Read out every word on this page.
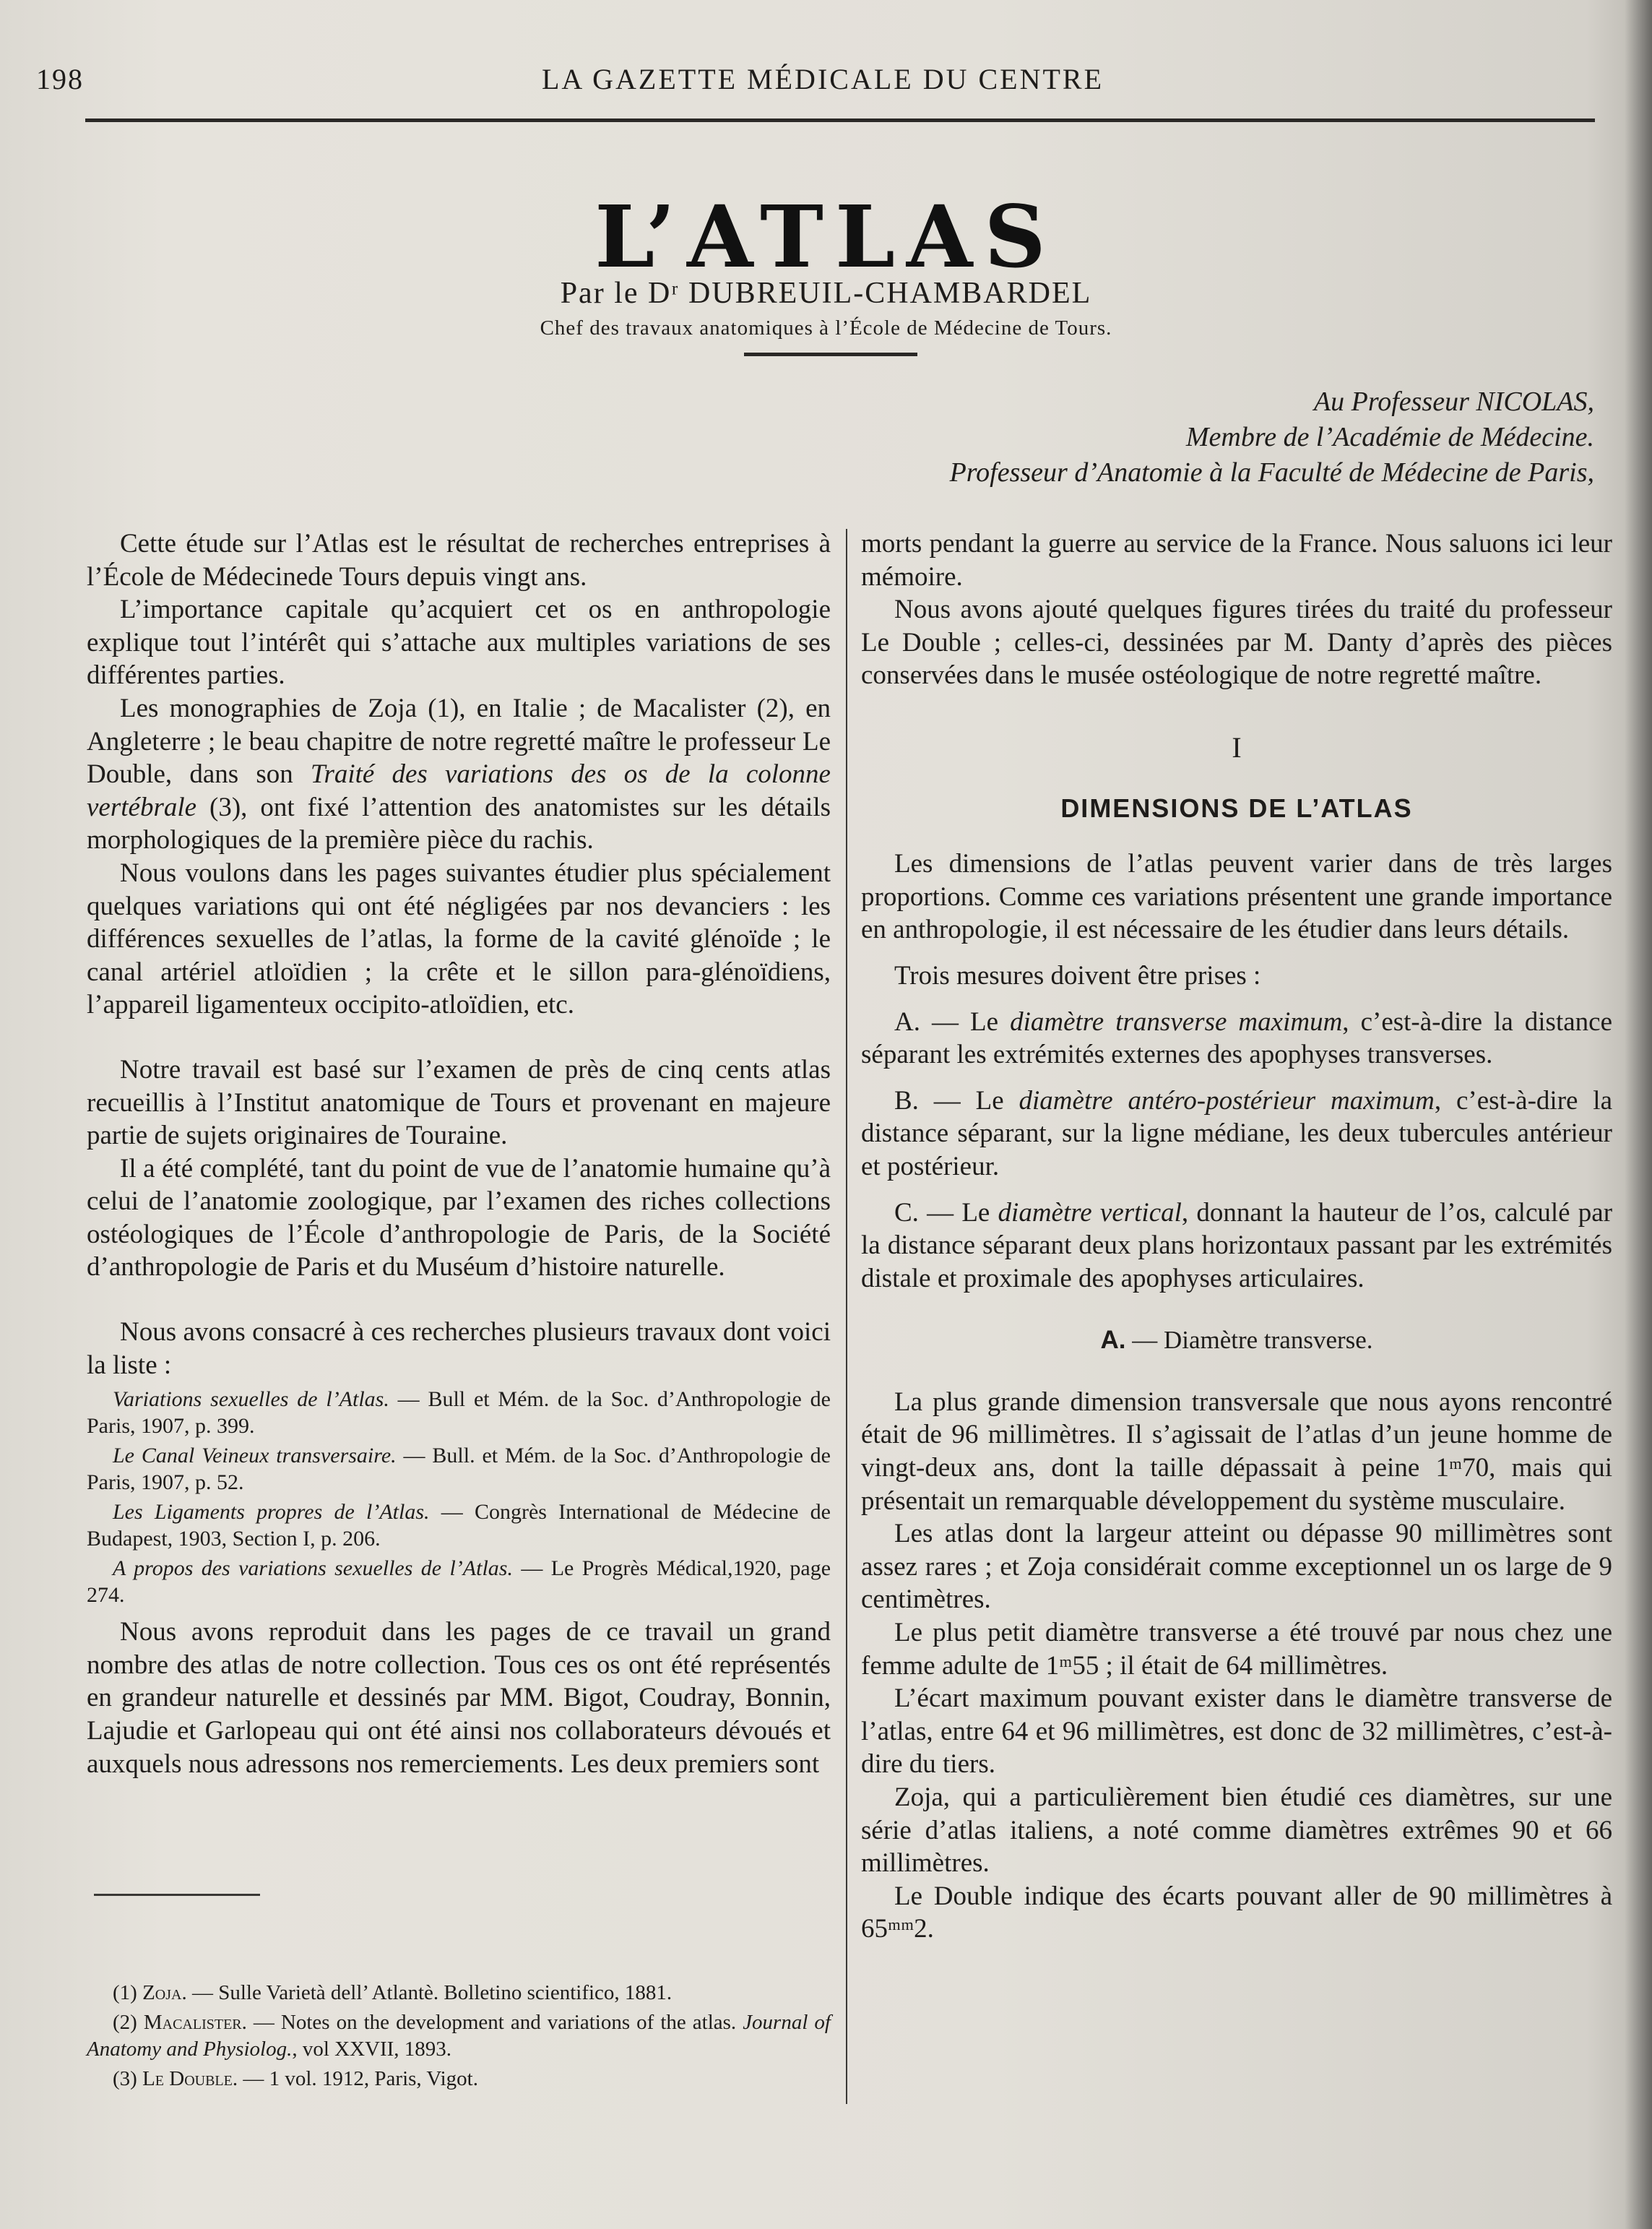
198	LA GAZETTE MÉDICALE DU CENTRE
L’ATLAS
Par le Dʳ DUBREUIL-CHAMBARDEL
Chef des travaux anatomiques à l’École de Médecine de Tours.
Au Professeur NICOLAS,
Membre de l’Académie de Médecine.
Professeur d’Anatomie à la Faculté de Médecine de Paris,

Cette étude sur l’Atlas est le résultat de recherches entreprises à l’École de Médecinede Tours depuis vingt ans.

L’importance capitale qu’acquiert cet os en anthropologie explique tout l’intérêt qui s’attache aux multiples variations de ses différentes parties.

Les monographies de Zoja (1), en Italie ; de Macalister (2), en Angleterre ; le beau chapitre de notre regretté maître le professeur Le Double, dans son Traité des variations des os de la colonne vertébrale (3), ont fixé l’attention des anatomistes sur les détails morphologiques de la première pièce du rachis.

Nous voulons dans les pages suivantes étudier plus spécialement quelques variations qui ont été négligées par nos devanciers : les différences sexuelles de l’atlas, la forme de la cavité glénoïde ; le canal artériel atloïdien ; la crête et le sillon para-glénoïdiens, l’appareil ligamenteux occipito-atloïdien, etc.

Notre travail est basé sur l’examen de près de cinq cents atlas recueillis à l’Institut anatomique de Tours et provenant en majeure partie de sujets originaires de Touraine.

Il a été complété, tant du point de vue de l’anatomie humaine qu’à celui de l’anatomie zoologique, par l’examen des riches collections ostéologiques de l’École d’anthropologie de Paris, de la Société d’anthropologie de Paris et du Muséum d’histoire naturelle.

Nous avons consacré à ces recherches plusieurs travaux dont voici la liste :

Variations sexuelles de l’Atlas. — Bull et Mém. de la Soc. d’Anthropologie de Paris, 1907, p. 399.

Le Canal Veineux transversaire. — Bull. et Mém. de la Soc. d’Anthropologie de Paris, 1907, p. 52.

Les Ligaments propres de l’Atlas. — Congrès International de Médecine de Budapest, 1903, Section I, p. 206.

A propos des variations sexuelles de l’Atlas. — Le Progrès Médical,1920, page 274.

Nous avons reproduit dans les pages de ce travail un grand nombre des atlas de notre collection. Tous ces os ont été représentés en grandeur naturelle et dessinés par MM. Bigot, Coudray, Bonnin, Lajudie et Garlopeau qui ont été ainsi nos collaborateurs dévoués et auxquels nous adressons nos remerciements. Les deux premiers sont

(1) Zoja. — Sulle Varietà dell’ Atlantè. Bolletino scientifico, 1881.

(2) Macalister. — Notes on the development and variations of the atlas. Journal of Anatomy and Physiolog., vol XXVII, 1893.

(3) Le Double. — 1 vol. 1912, Paris, Vigot.

morts pendant la guerre au service de la France. Nous saluons ici leur mémoire.

Nous avons ajouté quelques figures tirées du traité du professeur Le Double ; celles-ci, dessinées par M. Danty d’après des pièces conservées dans le musée ostéologique de notre regretté maître.

I
DIMENSIONS DE L’ATLAS

Les dimensions de l’atlas peuvent varier dans de très larges proportions. Comme ces variations présentent une grande importance en anthropologie, il est nécessaire de les étudier dans leurs détails.

Trois mesures doivent être prises :

A. — Le diamètre transverse maximum, c’est-à-dire la distance séparant les extrémités externes des apophyses transverses.

B. — Le diamètre antéro-postérieur maximum, c’est-à-dire la distance séparant, sur la ligne médiane, les deux tubercules antérieur et postérieur.

C. — Le diamètre vertical, donnant la hauteur de l’os, calculé par la distance séparant deux plans horizontaux passant par les extrémités distale et proximale des apophyses articulaires.

A. — Diamètre transverse.

La plus grande dimension transversale que nous ayons rencontré était de 96 millimètres. Il s’agissait de l’atlas d’un jeune homme de vingt-deux ans, dont la taille dépassait à peine 1ᵐ70, mais qui présentait un remarquable développement du système musculaire.

Les atlas dont la largeur atteint ou dépasse 90 millimètres sont assez rares ; et Zoja considérait comme exceptionnel un os large de 9 centimètres.

Le plus petit diamètre transverse a été trouvé par nous chez une femme adulte de 1ᵐ55 ; il était de 64 millimètres.

L’écart maximum pouvant exister dans le diamètre transverse de l’atlas, entre 64 et 96 millimètres, est donc de 32 millimètres, c’est-à-dire du tiers.

Zoja, qui a particulièrement bien étudié ces diamètres, sur une série d’atlas italiens, a noté comme diamètres extrêmes 90 et 66 millimètres.

Le Double indique des écarts pouvant aller de 90 millimètres à 65ᵐᵐ2.
